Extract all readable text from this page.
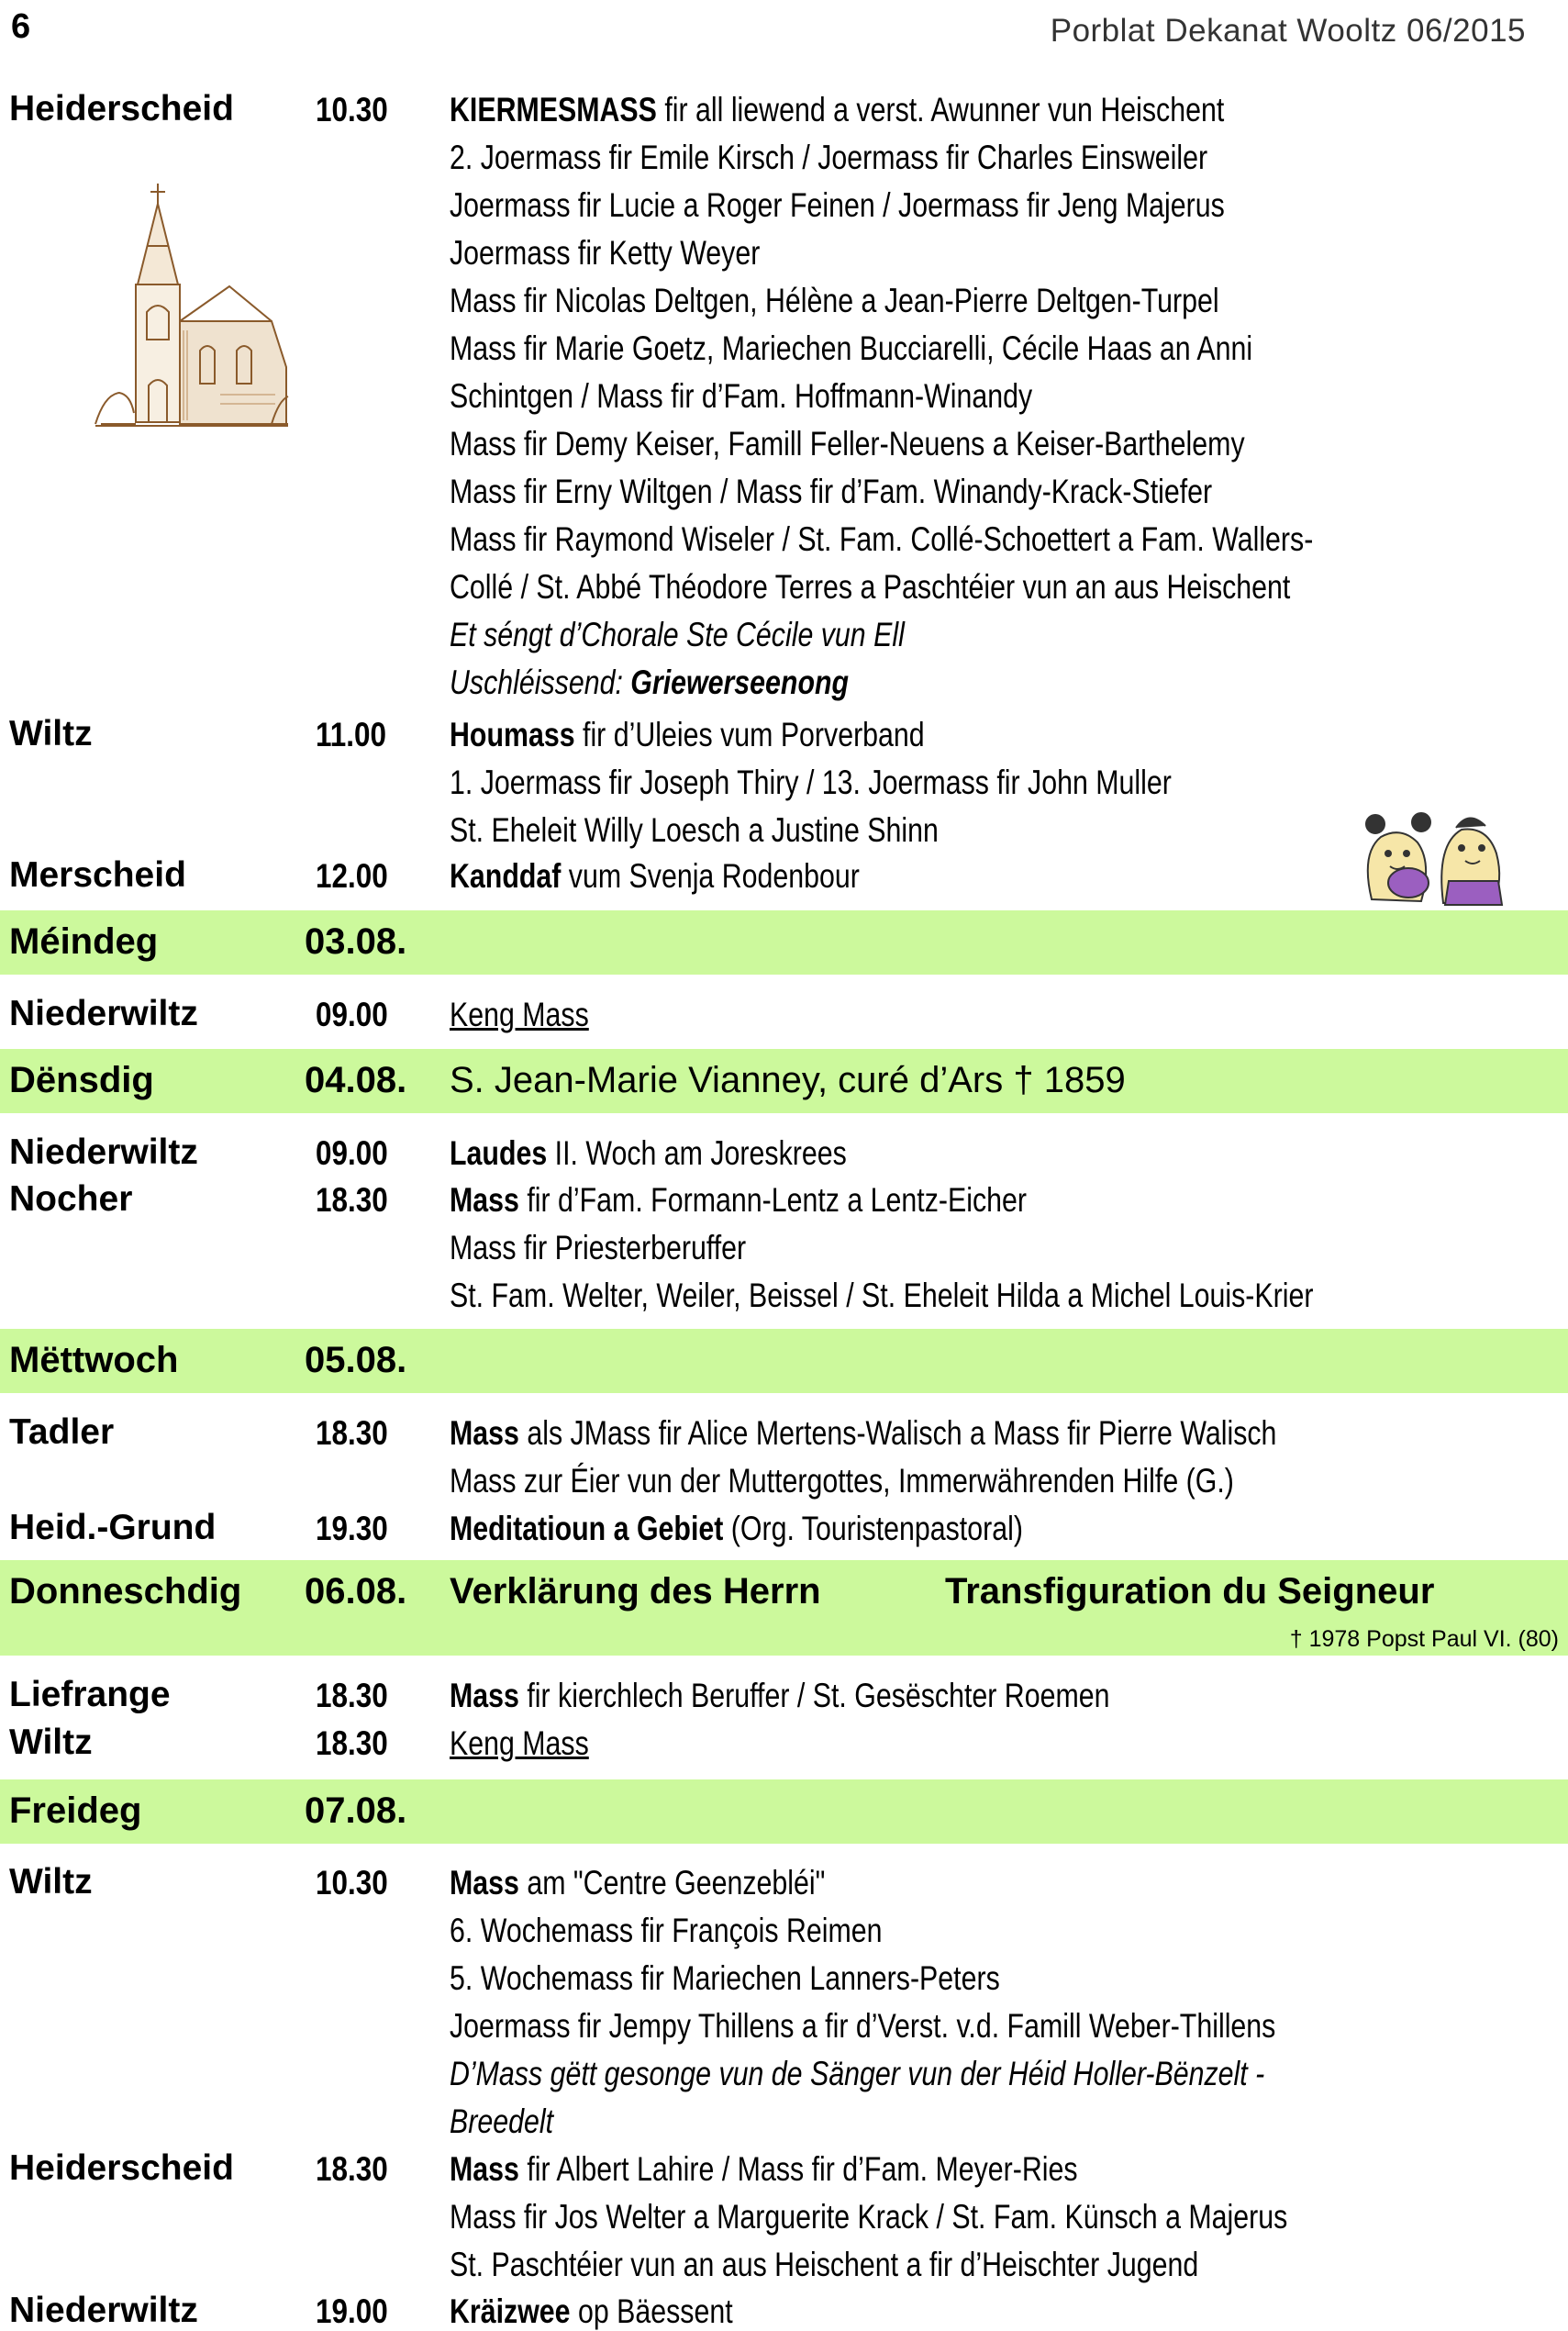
6	Porblat Dekanat Wooltz 06/2015
Heiderscheid 10.30 KIERMESMASS fir all liewend a verst. Awunner vun Heischent
2. Joermass fir Emile Kirsch / Joermass fir Charles Einsweiler
Joermass fir Lucie a Roger Feinen / Joermass fir Jeng Majerus
Joermass fir Ketty Weyer
Mass fir Nicolas Deltgen, Hélène a Jean-Pierre Deltgen-Turpel
Mass fir Marie Goetz, Mariechen Bucciarelli, Cécile Haas an Anni
Schintgen / Mass fir d’Fam. Hoffmann-Winandy
Mass fir Demy Keiser, Famill Feller-Neuens a Keiser-Barthelemy
Mass fir Erny Wiltgen / Mass fir d’Fam. Winandy-Krack-Stiefer
Mass fir Raymond Wiseler / St. Fam. Collé-Schoettert a Fam. Wallers-
Collé / St. Abbé Théodore Terres a Paschtéier vun an aus Heischent
Et séngt d’Chorale Ste Cécile vun Ell
Uschléissend: Griewerseenong
Wiltz	11.00 Houmass fir d’Uleies vum Porverband
1. Joermass fir Joseph Thiry / 13. Joermass fir John Muller
St. Eheleit Willy Loesch a Justine Shinn
Merscheid	12.00 Kanddaf vum Svenja Rodenbour
Méindeg	03.08.
Niederwiltz	09.00 Keng Mass
Dënsdig	04.08. S. Jean-Marie Vianney, curé d’Ars † 1859
Niederwiltz	09.00 Laudes II. Woch am Joreskrees
Nocher	18.30 Mass fir d’Fam. Formann-Lentz a Lentz-Eicher
Mass fir Priesterberuffer
St. Fam. Welter, Weiler, Beissel / St. Eheleit Hilda a Michel Louis-Krier
Mëttwoch	05.08.
Tadler	18.30 Mass als JMass fir Alice Mertens-Walisch a Mass fir Pierre Walisch
Mass zur Éier vun der Muttergottes, Immerwährenden Hilfe (G.)
Heid.-Grund	19.30 Meditatioun a Gebiet (Org. Touristenpastoral)
Donneschdig 06.08. Verklärung des Herrn	Transfiguration du Seigneur
† 1978 Popst Paul VI. (80)
Liefrange	18.30 Mass fir kierchlech Beruffer / St. Gesëschter Roemen
Wiltz	18.30 Keng Mass
Freideg	07.08.
Wiltz	10.30 Mass am "Centre Geenzebléi"
6. Wochemass fir François Reimen
5. Wochemass fir Mariechen Lanners-Peters
Joermass fir Jempy Thillens a fir d’Verst. v.d. Famill Weber-Thillens
D’Mass gëtt gesonge vun de Sänger vun der Héid Holler-Bënzelt -
Breedelt
Heiderscheid 18.30 Mass fir Albert Lahire / Mass fir d’Fam. Meyer-Ries
Mass fir Jos Welter a Marguerite Krack / St. Fam. Künsch a Majerus
St. Paschtéier vun an aus Heischent a fir d’Heischter Jugend
Niederwiltz	19.00 Kräizwee op Bäessent
